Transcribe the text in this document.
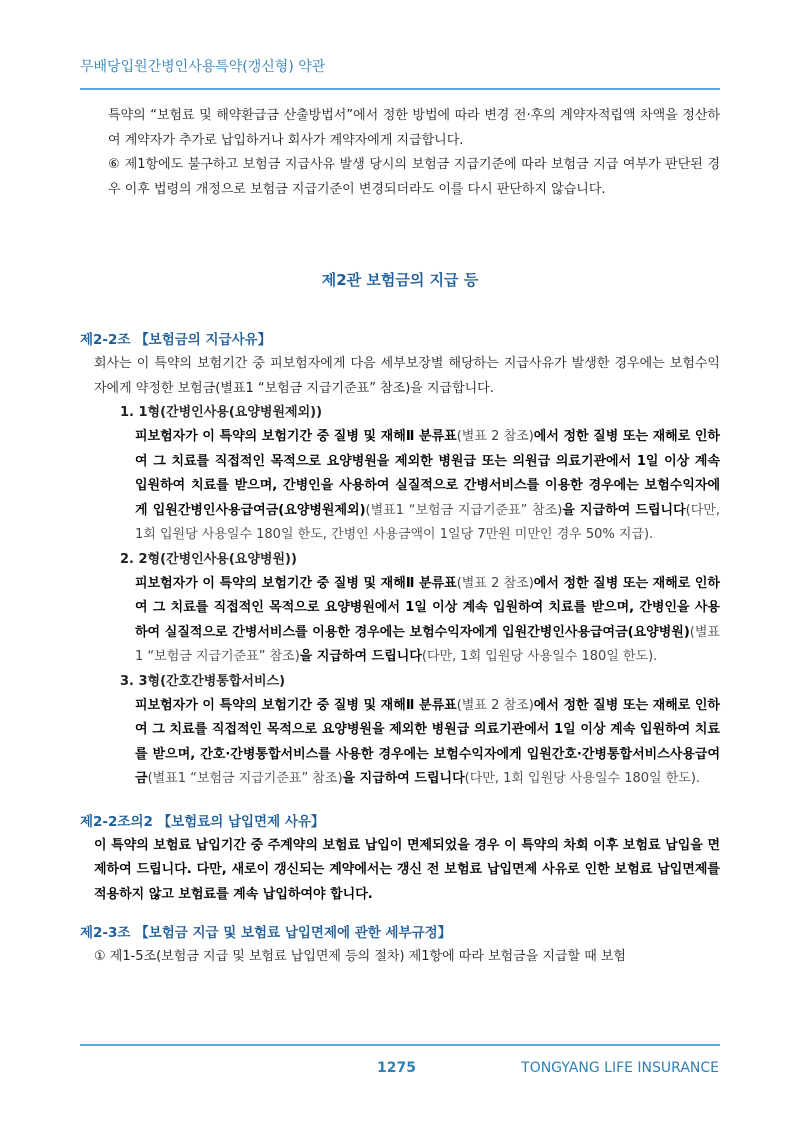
무배당입원간병인사용특약(갱신형) 약관

특약의 “보험료 및 해약환급금 산출방법서”에서 정한 방법에 따라 변경 전·후의 계약자적립액 차액을 정산하여 계약자가 추가로 납입하거나 회사가 계약자에게 지급합니다.

⑥ 제1항에도 불구하고 보험금 지급사유 발생 당시의 보험금 지급기준에 따라 보험금 지급 여부가 판단된 경우 이후 법령의 개정으로 보험금 지급기준이 변경되더라도 이를 다시 판단하지 않습니다.

제2관 보험금의 지급 등

제2-2조 【보험금의 지급사유】

회사는 이 특약의 보험기간 중 피보험자에게 다음 세부보장별 해당하는 지급사유가 발생한 경우에는 보험수익자에게 약정한 보험금(별표1 “보험금 지급기준표” 참조)을 지급합니다.

1. 1형(간병인사용(요양병원제외))

피보험자가 이 특약의 보험기간 중 질병 및 재해Ⅱ 분류표(별표 2 참조)에서 정한 질병 또는 재해로 인하여 그 치료를 직접적인 목적으로 요양병원을 제외한 병원급 또는 의원급 의료기관에서 1일 이상 계속 입원하여 치료를 받으며, 간병인을 사용하여 실질적으로 간병서비스를 이용한 경우에는 보험수익자에게 입원간병인사용급여금(요양병원제외)(별표1 “보험금 지급기준표” 참조)을 지급하여 드립니다(다만, 1회 입원당 사용일수 180일 한도, 간병인 사용금액이 1일당 7만원 미만인 경우 50% 지급).

2. 2형(간병인사용(요양병원))

피보험자가 이 특약의 보험기간 중 질병 및 재해Ⅱ 분류표(별표 2 참조)에서 정한 질병 또는 재해로 인하여 그 치료를 직접적인 목적으로 요양병원에서 1일 이상 계속 입원하여 치료를 받으며, 간병인을 사용하여 실질적으로 간병서비스를 이용한 경우에는 보험수익자에게 입원간병인사용급여금(요양병원)(별표1 “보험금 지급기준표” 참조)을 지급하여 드립니다(다만, 1회 입원당 사용일수 180일 한도).

3. 3형(간호간병통합서비스)

피보험자가 이 특약의 보험기간 중 질병 및 재해Ⅱ 분류표(별표 2 참조)에서 정한 질병 또는 재해로 인하여 그 치료를 직접적인 목적으로 요양병원을 제외한 병원급 의료기관에서 1일 이상 계속 입원하여 치료를 받으며, 간호·간병통합서비스를 사용한 경우에는 보험수익자에게 입원간호·간병통합서비스사용급여금(별표1 “보험금 지급기준표” 참조)을 지급하여 드립니다(다만, 1회 입원당 사용일수 180일 한도).

제2-2조의2 【보험료의 납입면제 사유】

이 특약의 보험료 납입기간 중 주계약의 보험료 납입이 면제되었을 경우 이 특약의 차회 이후 보험료 납입을 면제하여 드립니다. 다만, 새로이 갱신되는 계약에서는 갱신 전 보험료 납입면제 사유로 인한 보험료 납입면제를 적용하지 않고 보험료를 계속 납입하여야 합니다.

제2-3조 【보험금 지급 및 보험료 납입면제에 관한 세부규정】

① 제1-5조(보험금 지급 및 보험료 납입면제 등의 절차) 제1항에 따라 보험금을 지급할 때 보험

1275	TONGYANG LIFE INSURANCE
